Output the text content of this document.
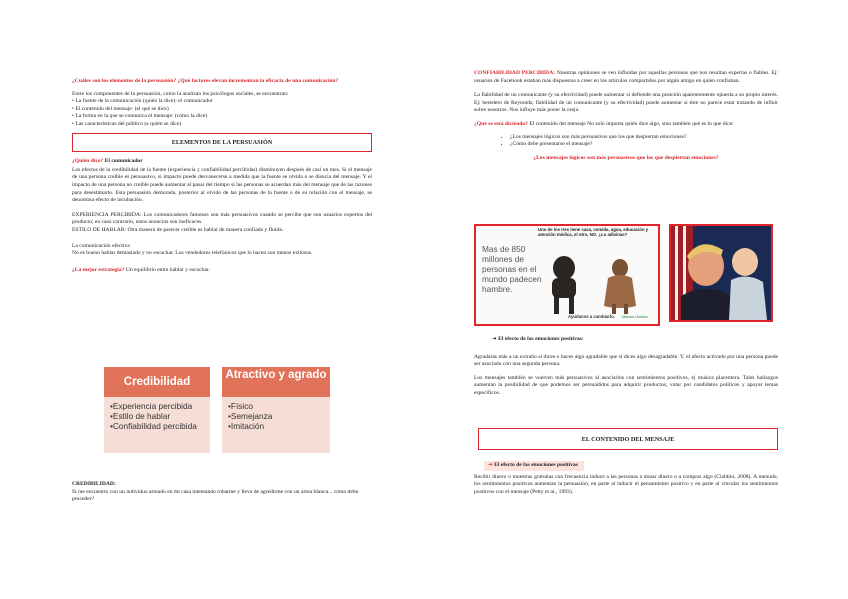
¿Cuáles son los elementos de la persuasión? ¿Qué factores elevan incrementan la eficacia de una comunicación?

Entre los componentes de la persuasión, como la analizan los psicólogos sociales, se encuentran:

• La fuente de la comunicación (quién la dice): el comunicador
• El contenido del mensaje: (el qué se dice)
• La forma en la que se comunica el mensaje: (cómo la dice)
• Las características del público (a quién se dice)
ELEMENTOS DE LA PERSUASIÓN
¿Quién dice? El comunicador

Los efectos de la credibilidad de la fuente (experiencia y confiabilidad percibidas) disminuyen después de casi un mes. Si el mensaje de una persona creíble es persuasivo, si impacto puede desvanecerse a medida que la fuente se olvida o se disocia del mensaje. Y el impacto de una persona no creíble puede aumentar al pasar del tiempo si las personas se acuerdan más del mensaje que de las razones para desestimarlo. Esta persuasión demorada, posterior al olvido de las personas de la fuente o de su relación con el mensaje, se denomina efecto de incubación.

EXPERIENCIA PERCIBIDA: Los comunicadores famosos son más persuasivos cuando se percibe que son usuarios expertos del producto; en caso contrario, estos anuncios son ineficaces.

ESTILO DE HABLAR: Otra manera de parecer creíble es hablar de manera confiada y fluida.

La comunicación efectiva

No es bueno hablar demasiado y no escuchar. Los vendedores telefónicos que lo hacen son menos exitosos.

¿La mejor estrategia? Un equilibrio entre hablar y escuchar.
Credibilidad
•Experiencia percibida
•Estilo de hablar
•Confiabilidad percibida
Atractivo y agrado
•Físico
•Semejanza
•Imitación
CREDIBILIDAD:
Si me encuentro con un individuo armado en mi casa intentando robarme y lleva de agredirme con un arma blanca... cómo debo proceder?

CONFIABILIDAD PERCIBIDA: Nuestras opiniones se ven influidas por aquellas personas que nos resultan expertas o fiables. Ej: usuarios de Facebook estaban más dispuestos a creer en los artículos compartidos por algún amigo en quien confiaban.

La fiabilidad de un comunicante (y su efectividad) puede aumentar si defiende una posición aparentemente opuesta a su propio interés. Ej: heredero de Reynolds; fiabilidad de un comunicante (y su efectividad) puede aumentar si éste no parece estar tratando de influir sobre nosotros. Nos influye más poner la oreja.

¿Qué se está diciendo? El contenido del mensaje No solo importa quién dice algo, sino también qué es lo que dice:

• ¿Los mensajes lógicos son más persuasivos que los que despiertan emociones?
• ¿Cómo debe presentarse el mensaje?
¿Los mensajes lógicos son más persuasivos que los que despiertan emociones?
Mas de 850 millones de personas en el mundo padecen hambre.
Uno de los tres tiene casa, comida, agua, educación y atención médica, el otro, NO. ¿Lo adivinas?
Ayúdanos a cambiarlo. Manos Unidas
➔ El efecto de las emociones positivas:

Agradarás más a un extraño si dices o haces algo agradable que si dices algo desagradable. Y, el afecto activado por una persona puede ser asociado con una segunda persona.

Los mensajes también se vuelven más persuasivos al asociarlos con sentimientos positivos, ej música placentera. Tales hallazgos aumentan la posibilidad de que podemos ser persuadidos para adquirir productos, votar por candidatos políticos y apoyar temas específicos.

EL CONTENIDO DEL MENSAJE
➔ El efecto de las emociones positivas

Recibir dinero o muestras gratuitas con frecuencia induce a las personas a donar dinero o a comprar algo (Cialdini, 2008). A menudo, los sentimientos positivos aumentan la persuasión, en parte al inducir el pensamiento positivo y en parte al vincular los sentimientos positivos con el mensaje (Petty et al., 1993).
